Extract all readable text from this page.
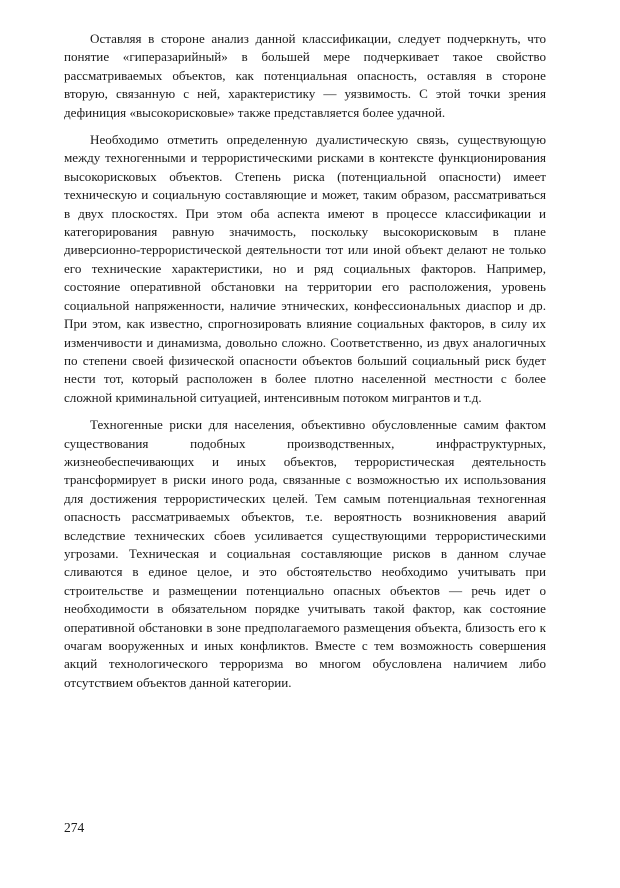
Оставляя в стороне анализ данной классификации, следует подчеркнуть, что понятие «гиперазарийный» в большей мере подчеркивает такое свойство рассматриваемых объектов, как потенциальная опасность, оставляя в стороне вторую, связанную с ней, характеристику — уязвимость. С этой точки зрения дефиниция «высокорисковые» также представляется более удачной.

Необходимо отметить определенную дуалистическую связь, существующую между техногенными и террористическими рисками в контексте функционирования высокорисковых объектов. Степень риска (потенциальной опасности) имеет техническую и социальную составляющие и может, таким образом, рассматриваться в двух плоскостях. При этом оба аспекта имеют в процессе классификации и категорирования равную значимость, поскольку высокорисковым в плане диверсионно-террористической деятельности тот или иной объект делают не только его технические характеристики, но и ряд социальных факторов. Например, состояние оперативной обстановки на территории его расположения, уровень социальной напряженности, наличие этнических, конфессиональных диаспор и др. При этом, как известно, спрогнозировать влияние социальных факторов, в силу их изменчивости и динамизма, довольно сложно. Соответственно, из двух аналогичных по степени своей физической опасности объектов больший социальный риск будет нести тот, который расположен в более плотно населенной местности с более сложной криминальной ситуацией, интенсивным потоком мигрантов и т.д.

Техногенные риски для населения, объективно обусловленные самим фактом существования подобных производственных, инфраструктурных, жизнеобеспечивающих и иных объектов, террористическая деятельность трансформирует в риски иного рода, связанные с возможностью их использования для достижения террористических целей. Тем самым потенциальная техногенная опасность рассматриваемых объектов, т.е. вероятность возникновения аварий вследствие технических сбоев усиливается существующими террористическими угрозами. Техническая и социальная составляющие рисков в данном случае сливаются в единое целое, и это обстоятельство необходимо учитывать при строительстве и размещении потенциально опасных объектов — речь идет о необходимости в обязательном порядке учитывать такой фактор, как состояние оперативной обстановки в зоне предполагаемого размещения объекта, близость его к очагам вооруженных и иных конфликтов. Вместе с тем возможность совершения акций технологического терроризма во многом обусловлена наличием либо отсутствием объектов данной категории.

274
